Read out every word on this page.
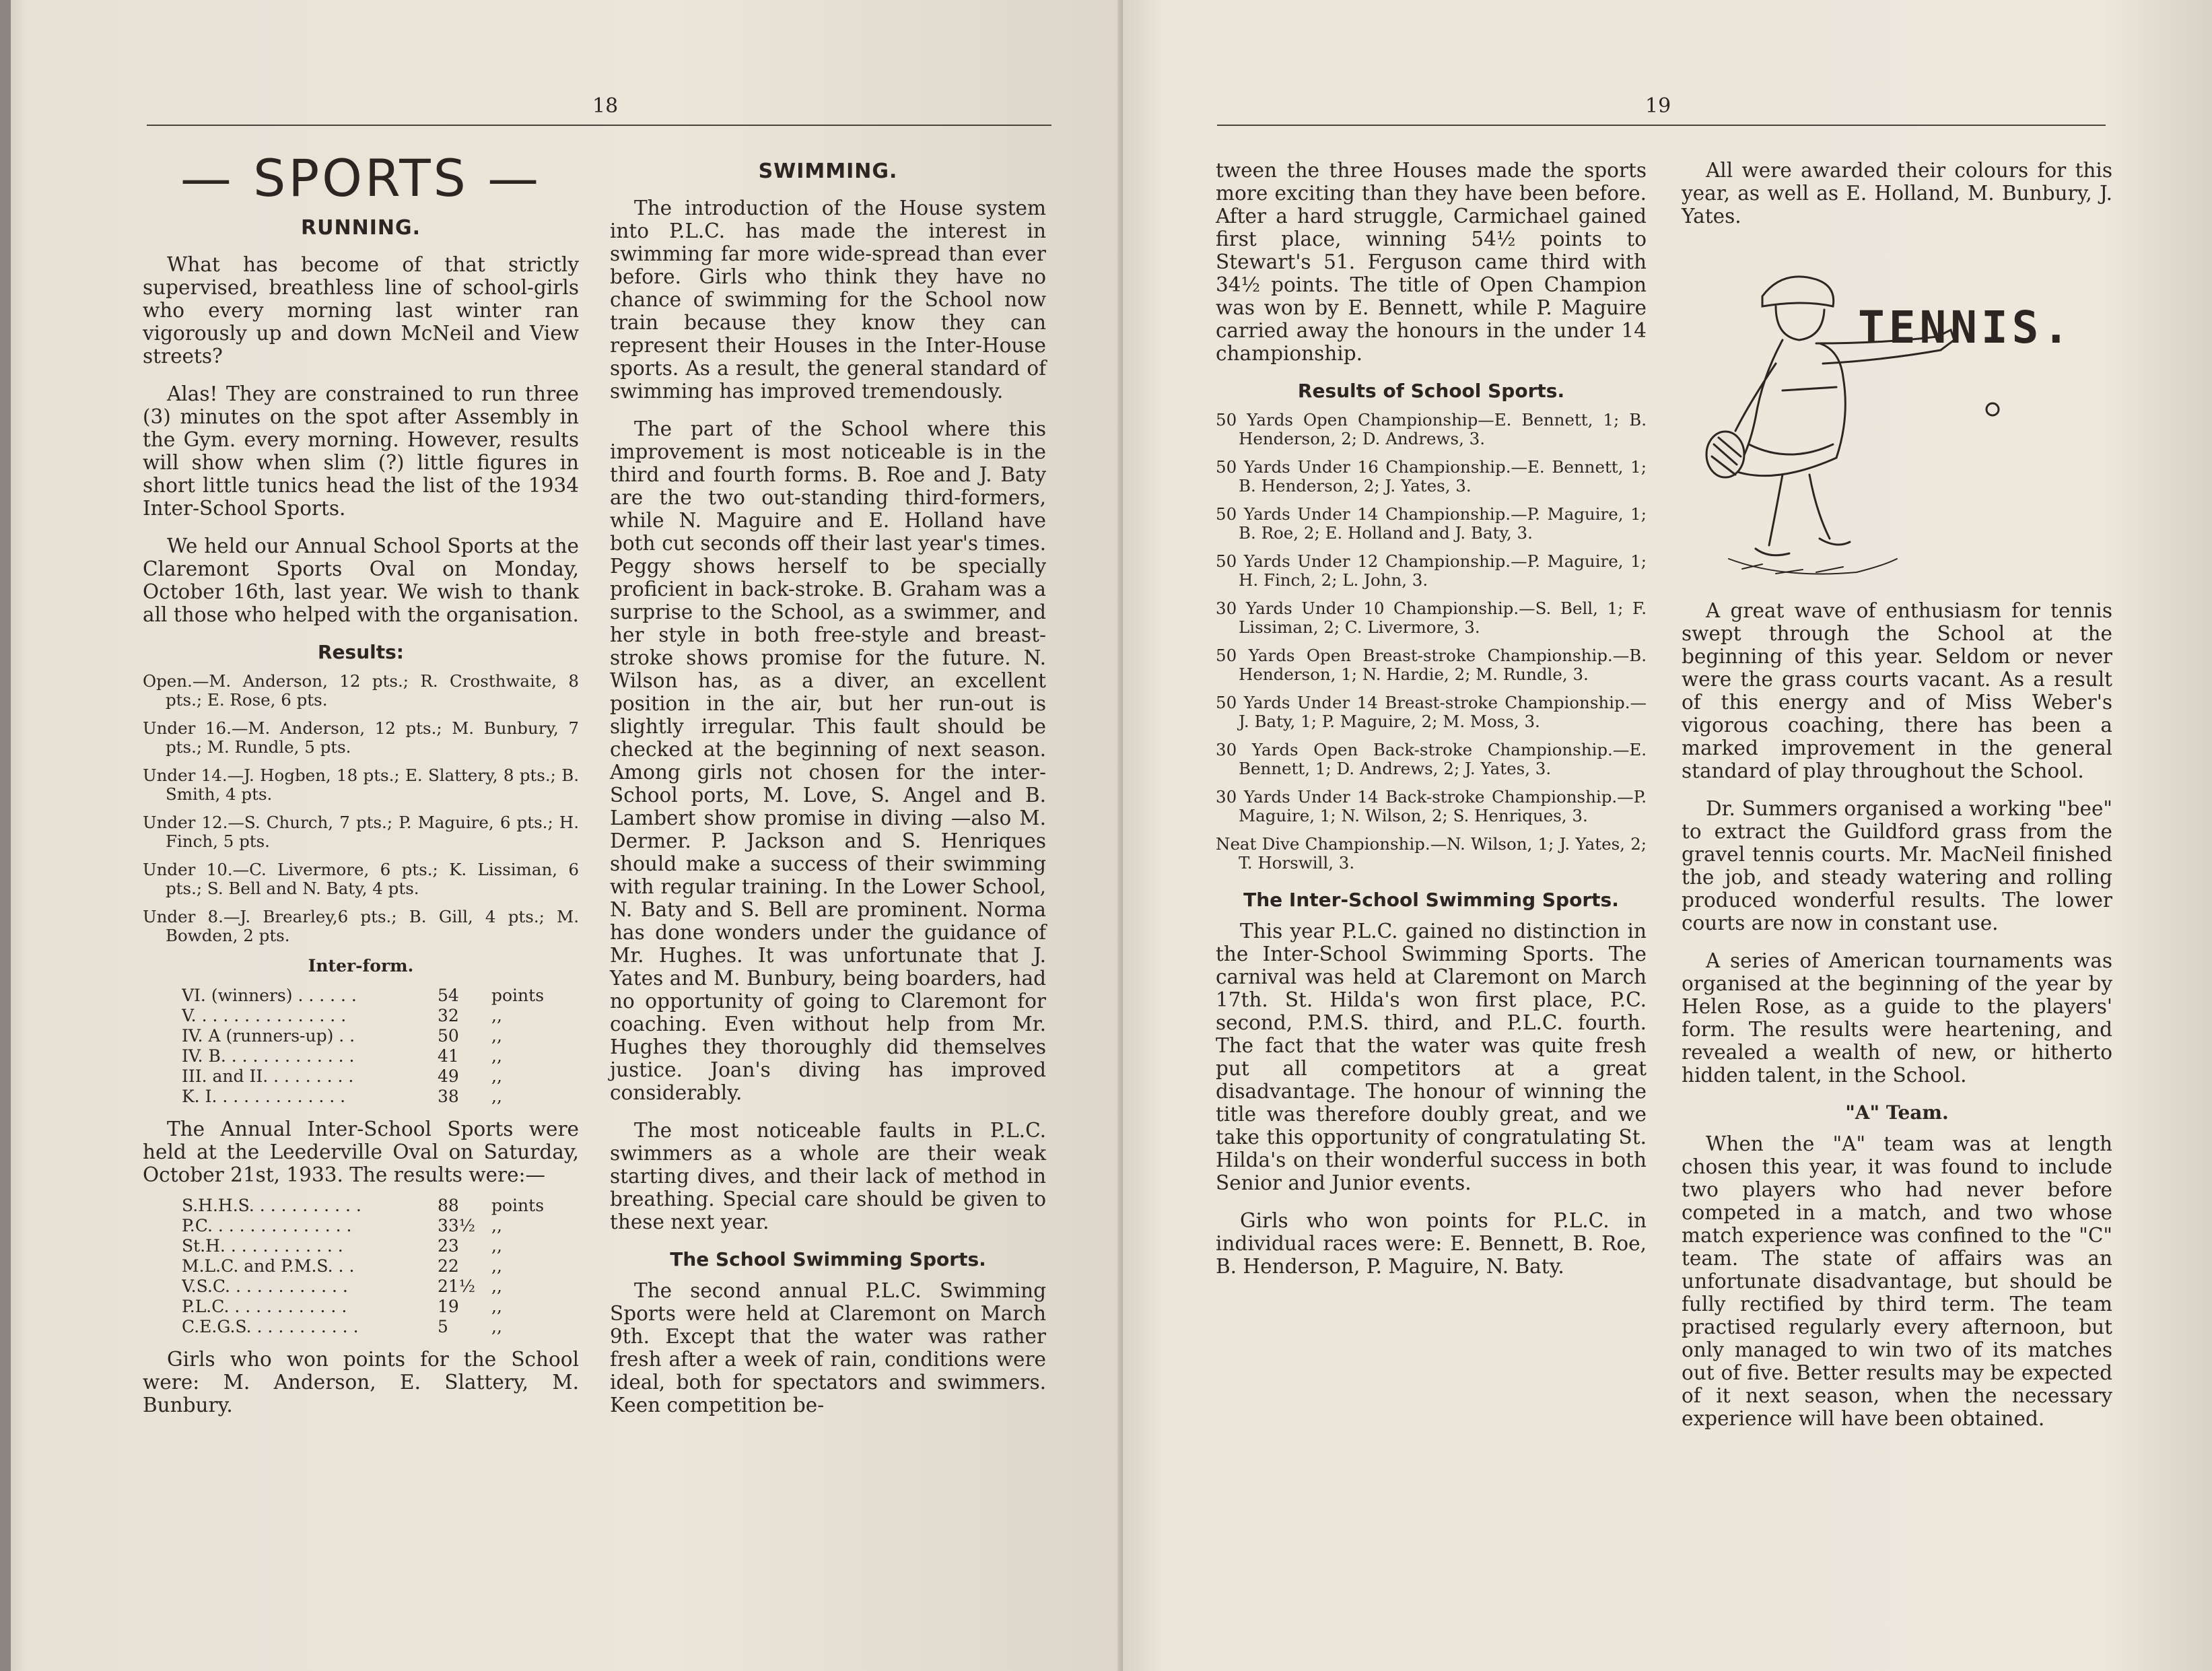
18
— SPORTS —
RUNNING.

What has become of that strictly supervised, breathless line of school-girls who every morning last winter ran vigorously up and down McNeil and View streets?

Alas! They are constrained to run three (3) minutes on the spot after Assembly in the Gym. every morning. However, results will show when slim (?) little figures in short little tunics head the list of the 1934 Inter-School Sports.

We held our Annual School Sports at the Claremont Sports Oval on Monday, October 16th, last year. We wish to thank all those who helped with the organisation.

Results:

Open.—M. Anderson, 12 pts.; R. Crosthwaite, 8 pts.; E. Rose, 6 pts.

Under 16.—M. Anderson, 12 pts.; M. Bunbury, 7 pts.; M. Rundle, 5 pts.

Under 14.—J. Hogben, 18 pts.; E. Slattery, 8 pts.; B. Smith, 4 pts.

Under 12.—S. Church, 7 pts.; P. Maguire, 6 pts.; H. Finch, 5 pts.

Under 10.—C. Livermore, 6 pts.; K. Lissiman, 6 pts.; S. Bell and N. Baty, 4 pts.

Under 8.—J. Brearley,6 pts.; B. Gill, 4 pts.; M. Bowden, 2 pts.

Inter-form.
VI. (winners) . . . . . .	54	points
V. . . . . . . . . . . . . . .	32	,,
IV. A (runners-up) . .	50	,,
IV. B. . . . . . . . . . . . .	41	,,
III. and II. . . . . . . . .	49	,,
K. I. . . . . . . . . . . . .	38	,,

The Annual Inter-School Sports were held at the Leederville Oval on Saturday, October 21st, 1933. The results were:—

S.H.H.S. . . . . . . . . . .	88	points
P.C. . . . . . . . . . . . . .	33½ ,,
St.H. . . . . . . . . . . .	23	,,
M.L.C. and P.M.S. . .	22	,,
V.S.C. . . . . . . . . . . .	21½ ,,
P.L.C. . . . . . . . . . . .	19	,,
C.E.G.S. . . . . . . . . . .	5	,,

Girls who won points for the School were: M. Anderson, E. Slattery, M. Bunbury.

SWIMMING.

The introduction of the House system into P.L.C. has made the interest in swimming far more wide-spread than ever before. Girls who think they have no chance of swimming for the School now train because they know they can represent their Houses in the Inter-House sports. As a result, the general standard of swimming has improved tremendously.

The part of the School where this improvement is most noticeable is in the third and fourth forms. B. Roe and J. Baty are the two out-standing third-formers, while N. Maguire and E. Holland have both cut seconds off their last year's times. Peggy shows herself to be specially proficient in back-stroke. B. Graham was a surprise to the School, as a swimmer, and her style in both free-style and breast-stroke shows promise for the future. N. Wilson has, as a diver, an excellent position in the air, but her run-out is slightly irregular. This fault should be checked at the beginning of next season. Among girls not chosen for the inter-School ports, M. Love, S. Angel and B. Lambert show promise in diving —also M. Dermer. P. Jackson and S. Henriques should make a success of their swimming with regular training. In the Lower School, N. Baty and S. Bell are prominent. Norma has done wonders under the guidance of Mr. Hughes. It was unfortunate that J. Yates and M. Bunbury, being boarders, had no opportunity of going to Claremont for coaching. Even without help from Mr. Hughes they thoroughly did themselves justice. Joan's diving has improved considerably.

The most noticeable faults in P.L.C. swimmers as a whole are their weak starting dives, and their lack of method in breathing. Special care should be given to these next year.

The School Swimming Sports.

The second annual P.L.C. Swimming Sports were held at Claremont on March 9th. Except that the water was rather fresh after a week of rain, conditions were ideal, both for spectators and swimmers. Keen competition be-

19

tween the three Houses made the sports more exciting than they have been before. After a hard struggle, Carmichael gained first place, winning 54½ points to Stewart's 51. Ferguson came third with 34½ points. The title of Open Champion was won by E. Bennett, while P. Maguire carried away the honours in the under 14 championship.

Results of School Sports.

50 Yards Open Championship—E. Bennett, 1; B. Henderson, 2; D. Andrews, 3.

50 Yards Under 16 Championship.—E. Bennett, 1; B. Henderson, 2; J. Yates, 3.

50 Yards Under 14 Championship.—P. Maguire, 1; B. Roe, 2; E. Holland and J. Baty, 3.

50 Yards Under 12 Championship.—P. Maguire, 1; H. Finch, 2; L. John, 3.

30 Yards Under 10 Championship.—S. Bell, 1; F. Lissiman, 2; C. Livermore, 3.

50 Yards Open Breast-stroke Championship.—B. Henderson, 1; N. Hardie, 2; M. Rundle, 3.

50 Yards Under 14 Breast-stroke Championship.—J. Baty, 1; P. Maguire, 2; M. Moss, 3.

30 Yards Open Back-stroke Championship.—E. Bennett, 1; D. Andrews, 2; J. Yates, 3.

30 Yards Under 14 Back-stroke Championship.—P. Maguire, 1; N. Wilson, 2; S. Henriques, 3.

Neat Dive Championship.—N. Wilson, 1; J. Yates, 2; T. Horswill, 3.

The Inter-School Swimming Sports.

This year P.L.C. gained no distinction in the Inter-School Swimming Sports. The carnival was held at Claremont on March 17th. St. Hilda's won first place, P.C. second, P.M.S. third, and P.L.C. fourth. The fact that the water was quite fresh put all competitors at a great disadvantage. The honour of winning the title was therefore doubly great, and we take this opportunity of congratulating St. Hilda's on their wonderful success in both Senior and Junior events.

Girls who won points for P.L.C. in individual races were: E. Bennett, B. Roe, B. Henderson, P. Maguire, N. Baty.

All were awarded their colours for this year, as well as E. Holland, M. Bunbury, J. Yates.

TENNIS.

A great wave of enthusiasm for tennis swept through the School at the beginning of this year. Seldom or never were the grass courts vacant. As a result of this energy and of Miss Weber's vigorous coaching, there has been a marked improvement in the general standard of play throughout the School.

Dr. Summers organised a working "bee" to extract the Guildford grass from the gravel tennis courts. Mr. MacNeil finished the job, and steady watering and rolling produced wonderful results. The lower courts are now in constant use.

A series of American tournaments was organised at the beginning of the year by Helen Rose, as a guide to the players' form. The results were heartening, and revealed a wealth of new, or hitherto hidden talent, in the School.

"A" Team.

When the "A" team was at length chosen this year, it was found to include two players who had never before competed in a match, and two whose match experience was confined to the "C" team. The state of affairs was an unfortunate disadvantage, but should be fully rectified by third term. The team practised regularly every afternoon, but only managed to win two of its matches out of five. Better results may be expected of it next season, when the necessary experience will have been obtained.
